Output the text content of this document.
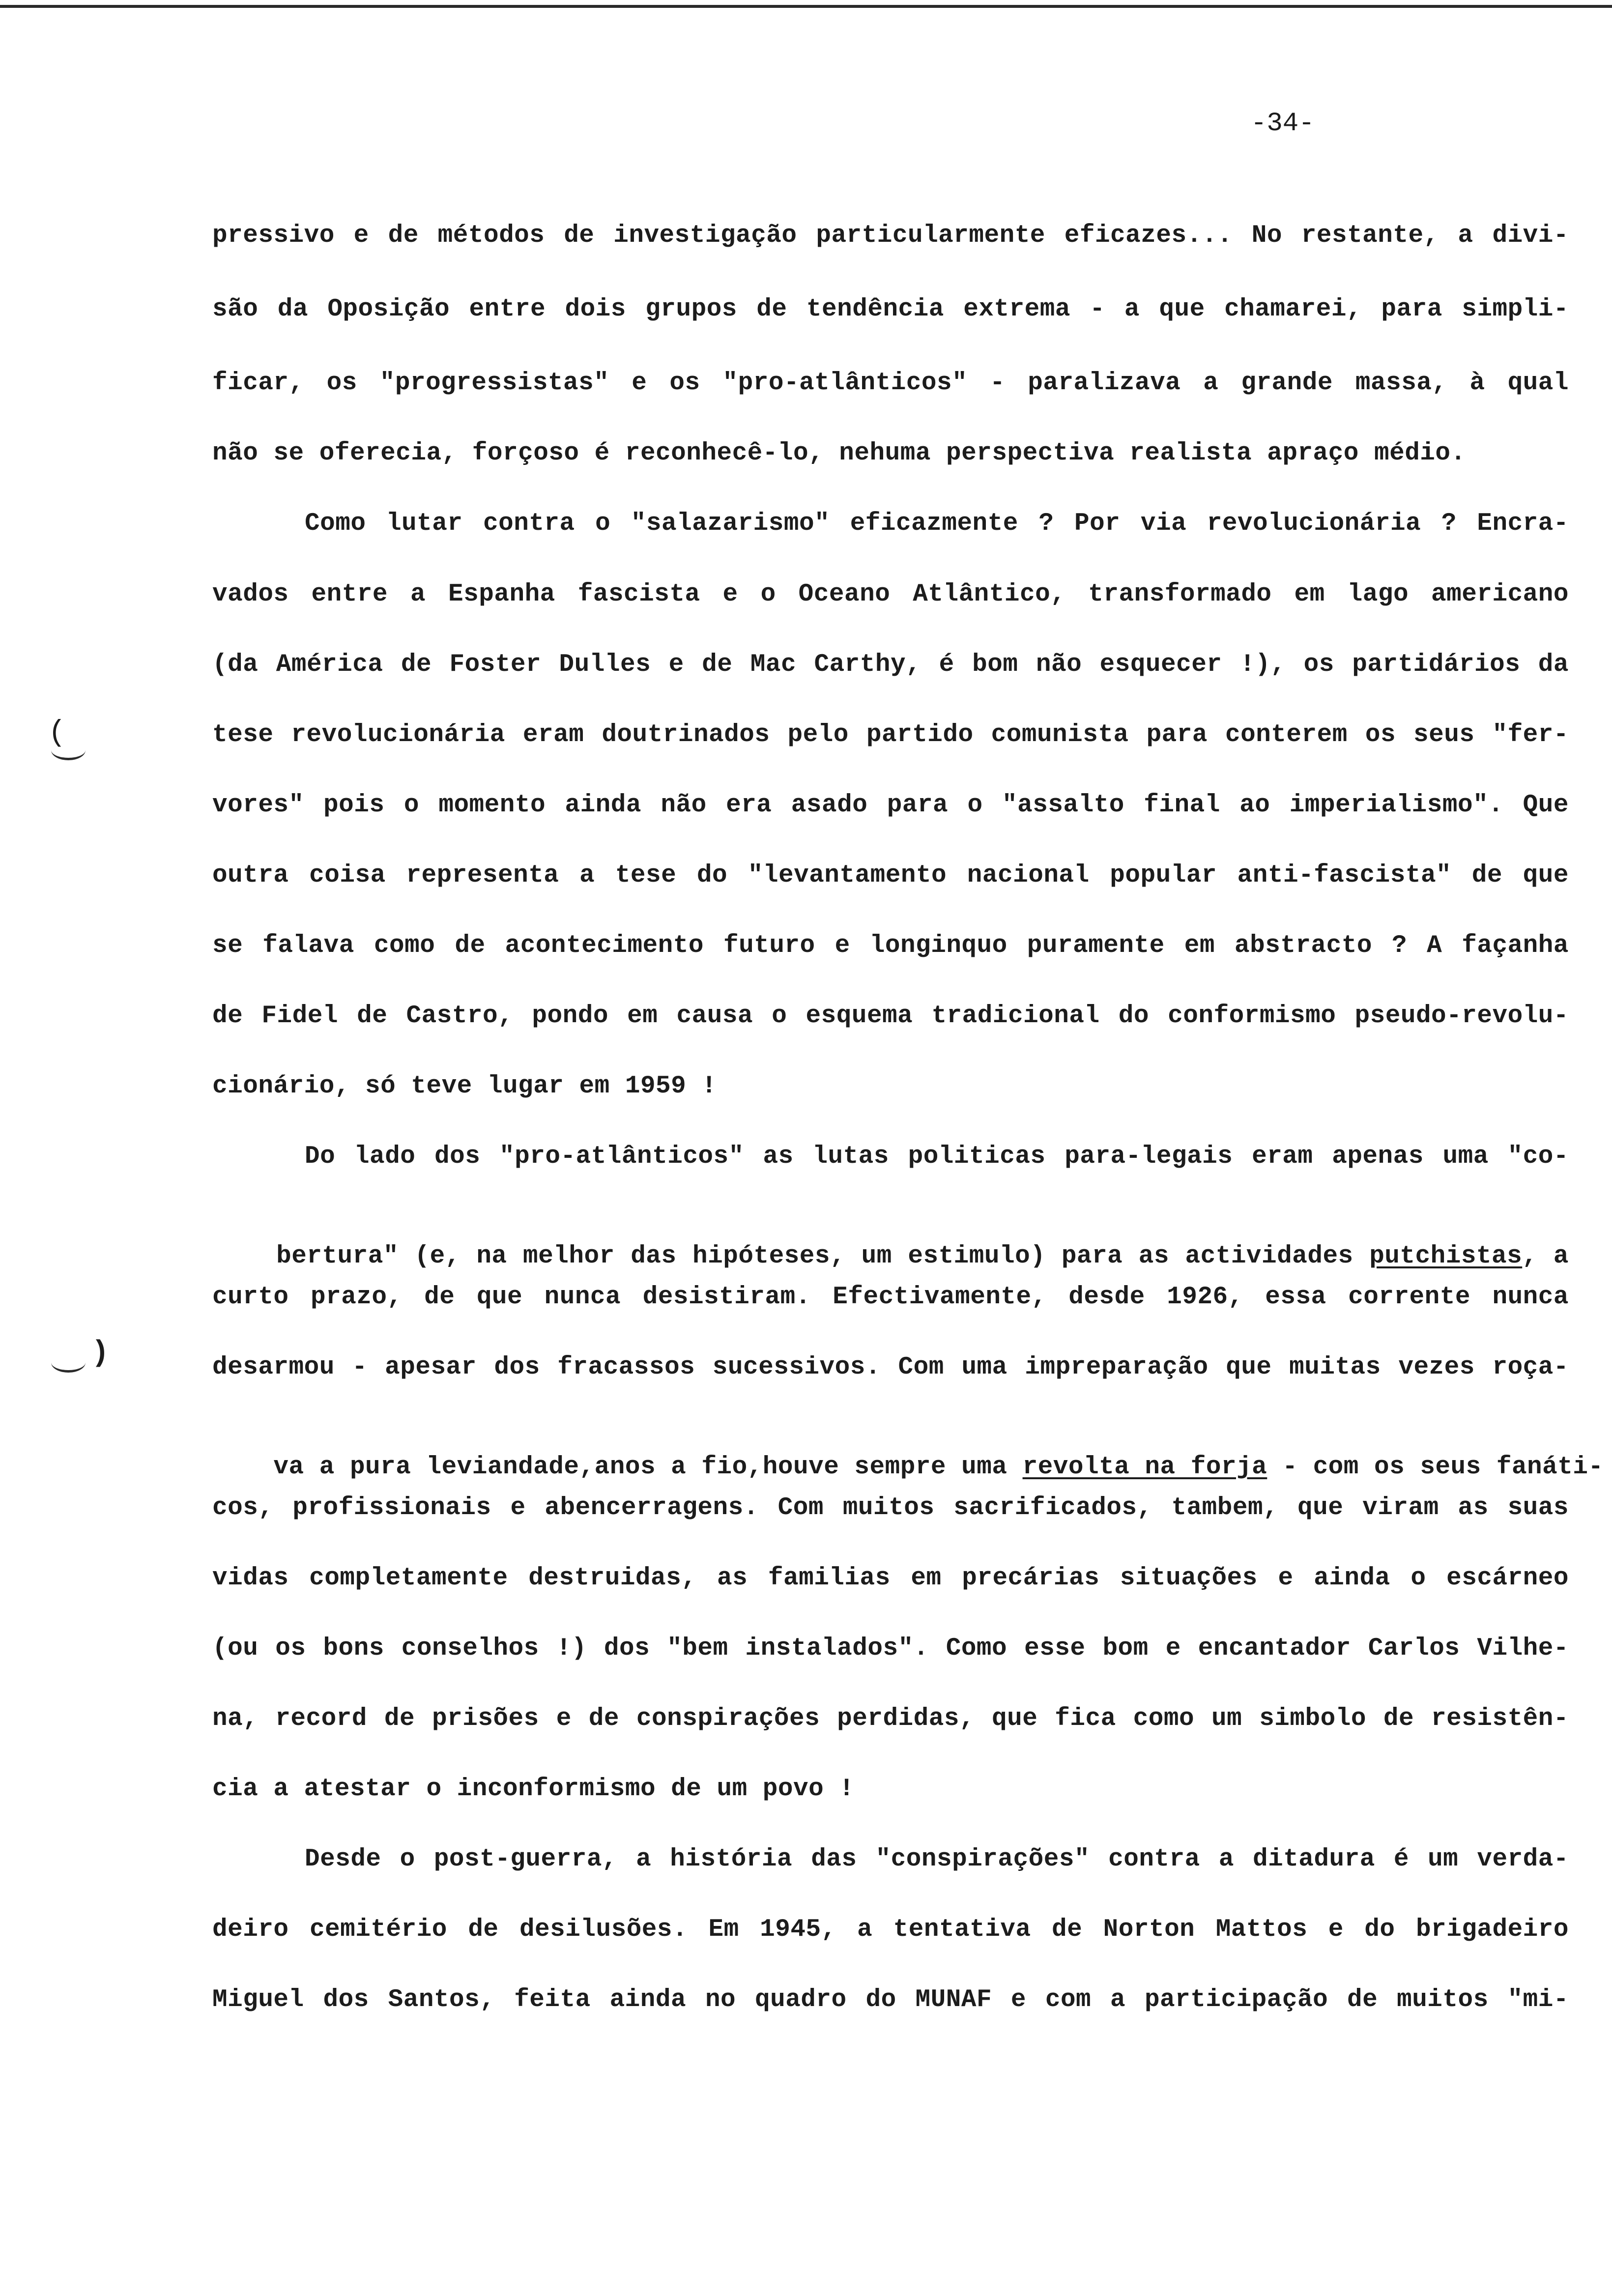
-34-
(
)
pressivo e de métodos de investigação particularmente eficazes... No restante, a divi-
são da Oposição entre dois grupos de tendência extrema - a que chamarei, para simpli-
ficar, os "progressistas" e os "pro-atlânticos" - paralizava a grande massa, à qual
não se oferecia, forçoso é reconhecê-lo, nehuma perspectiva realista apraço médio.
Como lutar contra o "salazarismo" eficazmente ? Por via revolucionária ? Encra-
vados entre a Espanha fascista e o Oceano Atlântico, transformado em lago americano
(da América de Foster Dulles e de Mac Carthy, é bom não esquecer !), os partidários da
tese revolucionária eram doutrinados pelo partido comunista para conterem os seus "fer-
vores" pois o momento ainda não era asado para o "assalto final ao imperialismo". Que
outra coisa representa a tese do "levantamento nacional popular anti-fascista" de que
se falava como de acontecimento futuro e longinquo puramente em abstracto ? A façanha
de Fidel de Castro, pondo em causa o esquema tradicional do conformismo pseudo-revolu-
cionário, só teve lugar em 1959 !
Do lado dos "pro-atlânticos" as lutas politicas para-legais eram apenas uma "co-

bertura" (e, na melhor das hipóteses, um estimulo) para as actividades putchistas, a

curto prazo, de que nunca desistiram. Efectivamente, desde 1926, essa corrente nunca
desarmou - apesar dos fracassos sucessivos. Com uma impreparação que muitas vezes roça-

va a pura leviandade,anos a fio,houve sempre uma revolta na forja - com os seus fanáti-

cos, profissionais e abencerragens. Com muitos sacrificados, tambem, que viram as suas
vidas completamente destruidas, as familias em precárias situações e ainda o escárneo
(ou os bons conselhos !) dos "bem instalados". Como esse bom e encantador Carlos Vilhe-
na, record de prisões e de conspirações perdidas, que fica como um simbolo de resistên-
cia a atestar o inconformismo de um povo !
Desde o post-guerra, a história das "conspirações" contra a ditadura é um verda-
deiro cemitério de desilusões. Em 1945, a tentativa de Norton Mattos e do brigadeiro
Miguel dos Santos, feita ainda no quadro do MUNAF e com a participação de muitos "mi-
